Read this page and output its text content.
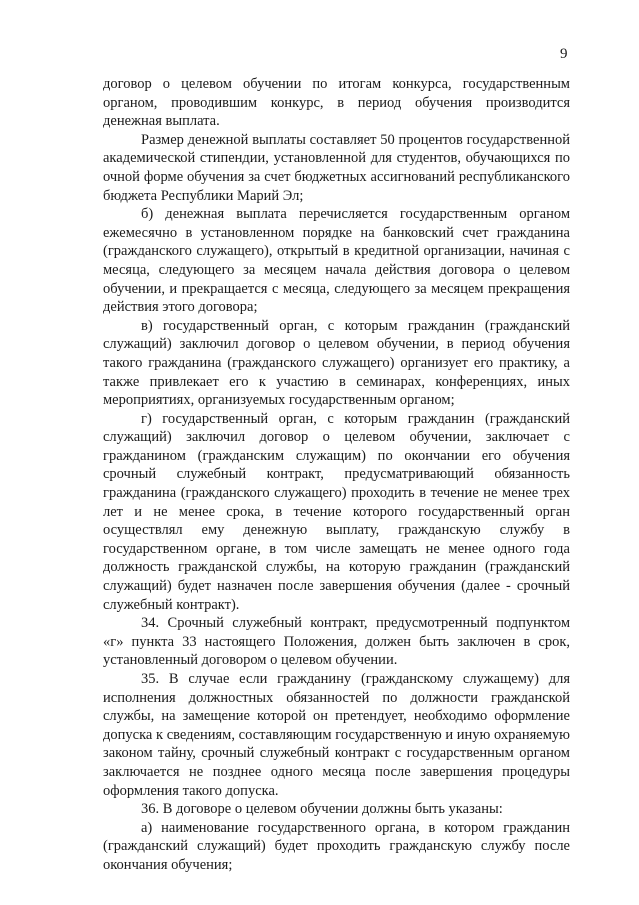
9

договор о целевом обучении по итогам конкурса, государственным органом, проводившим конкурс, в период обучения производится денежная выплата.

Размер денежной выплаты составляет 50 процентов государственной академической стипендии, установленной для студентов, обучающихся по очной форме обучения за счет бюджетных ассигнований республиканского бюджета Республики Марий Эл;

б) денежная выплата перечисляется государственным органом ежемесячно в установленном порядке на банковский счет гражданина (гражданского служащего), открытый в кредитной организации, начиная с месяца, следующего за месяцем начала действия договора о целевом обучении, и прекращается с месяца, следующего за месяцем прекращения действия этого договора;

в) государственный орган, с которым гражданин (гражданский служащий) заключил договор о целевом обучении, в период обучения такого гражданина (гражданского служащего) организует его практику, а также привлекает его к участию в семинарах, конференциях, иных мероприятиях, организуемых государственным органом;

г) государственный орган, с которым гражданин (гражданский служащий) заключил договор о целевом обучении, заключает с гражданином (гражданским служащим) по окончании его обучения срочный служебный контракт, предусматривающий обязанность гражданина (гражданского служащего) проходить в течение не менее трех лет и не менее срока, в течение которого государственный орган осуществлял ему денежную выплату, гражданскую службу в государственном органе, в том числе замещать не менее одного года должность гражданской службы, на которую гражданин (гражданский служащий) будет назначен после завершения обучения (далее - срочный служебный контракт).

34. Срочный служебный контракт, предусмотренный подпунктом «г» пункта 33 настоящего Положения, должен быть заключен в срок, установленный договором о целевом обучении.

35. В случае если гражданину (гражданскому служащему) для исполнения должностных обязанностей по должности гражданской службы, на замещение которой он претендует, необходимо оформление допуска к сведениям, составляющим государственную и иную охраняемую законом тайну, срочный служебный контракт с государственным органом заключается не позднее одного месяца после завершения процедуры оформления такого допуска.

36. В договоре о целевом обучении должны быть указаны:

а) наименование государственного органа, в котором гражданин (гражданский служащий) будет проходить гражданскую службу после окончания обучения;
